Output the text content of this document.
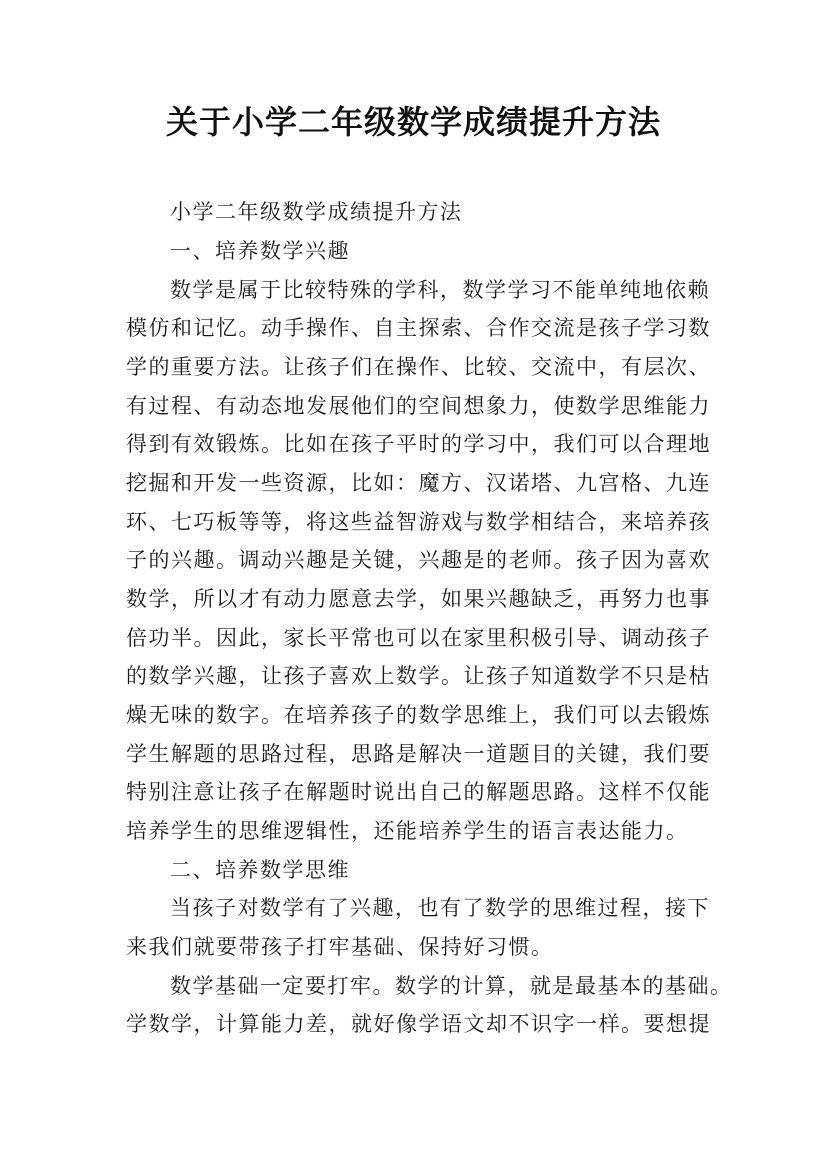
关于小学二年级数学成绩提升方法
小学二年级数学成绩提升方法
一、培养数学兴趣
数学是属于比较特殊的学科，数学学习不能单纯地依赖
模仿和记忆。动手操作、自主探索、合作交流是孩子学习数
学的重要方法。让孩子们在操作、比较、交流中，有层次、
有过程、有动态地发展他们的空间想象力，使数学思维能力
得到有效锻炼。比如在孩子平时的学习中，我们可以合理地
挖掘和开发一些资源，比如：魔方、汉诺塔、九宫格、九连
环、七巧板等等，将这些益智游戏与数学相结合，来培养孩
子的兴趣。调动兴趣是关键，兴趣是的老师。孩子因为喜欢
数学，所以才有动力愿意去学，如果兴趣缺乏，再努力也事
倍功半。因此，家长平常也可以在家里积极引导、调动孩子
的数学兴趣，让孩子喜欢上数学。让孩子知道数学不只是枯
燥无味的数字。在培养孩子的数学思维上，我们可以去锻炼
学生解题的思路过程，思路是解决一道题目的关键，我们要
特别注意让孩子在解题时说出自己的解题思路。这样不仅能
培养学生的思维逻辑性，还能培养学生的语言表达能力。
二、培养数学思维
当孩子对数学有了兴趣，也有了数学的思维过程，接下
来我们就要带孩子打牢基础、保持好习惯。
数学基础一定要打牢。数学的计算，就是最基本的基础。
学数学，计算能力差，就好像学语文却不识字一样。要想提
